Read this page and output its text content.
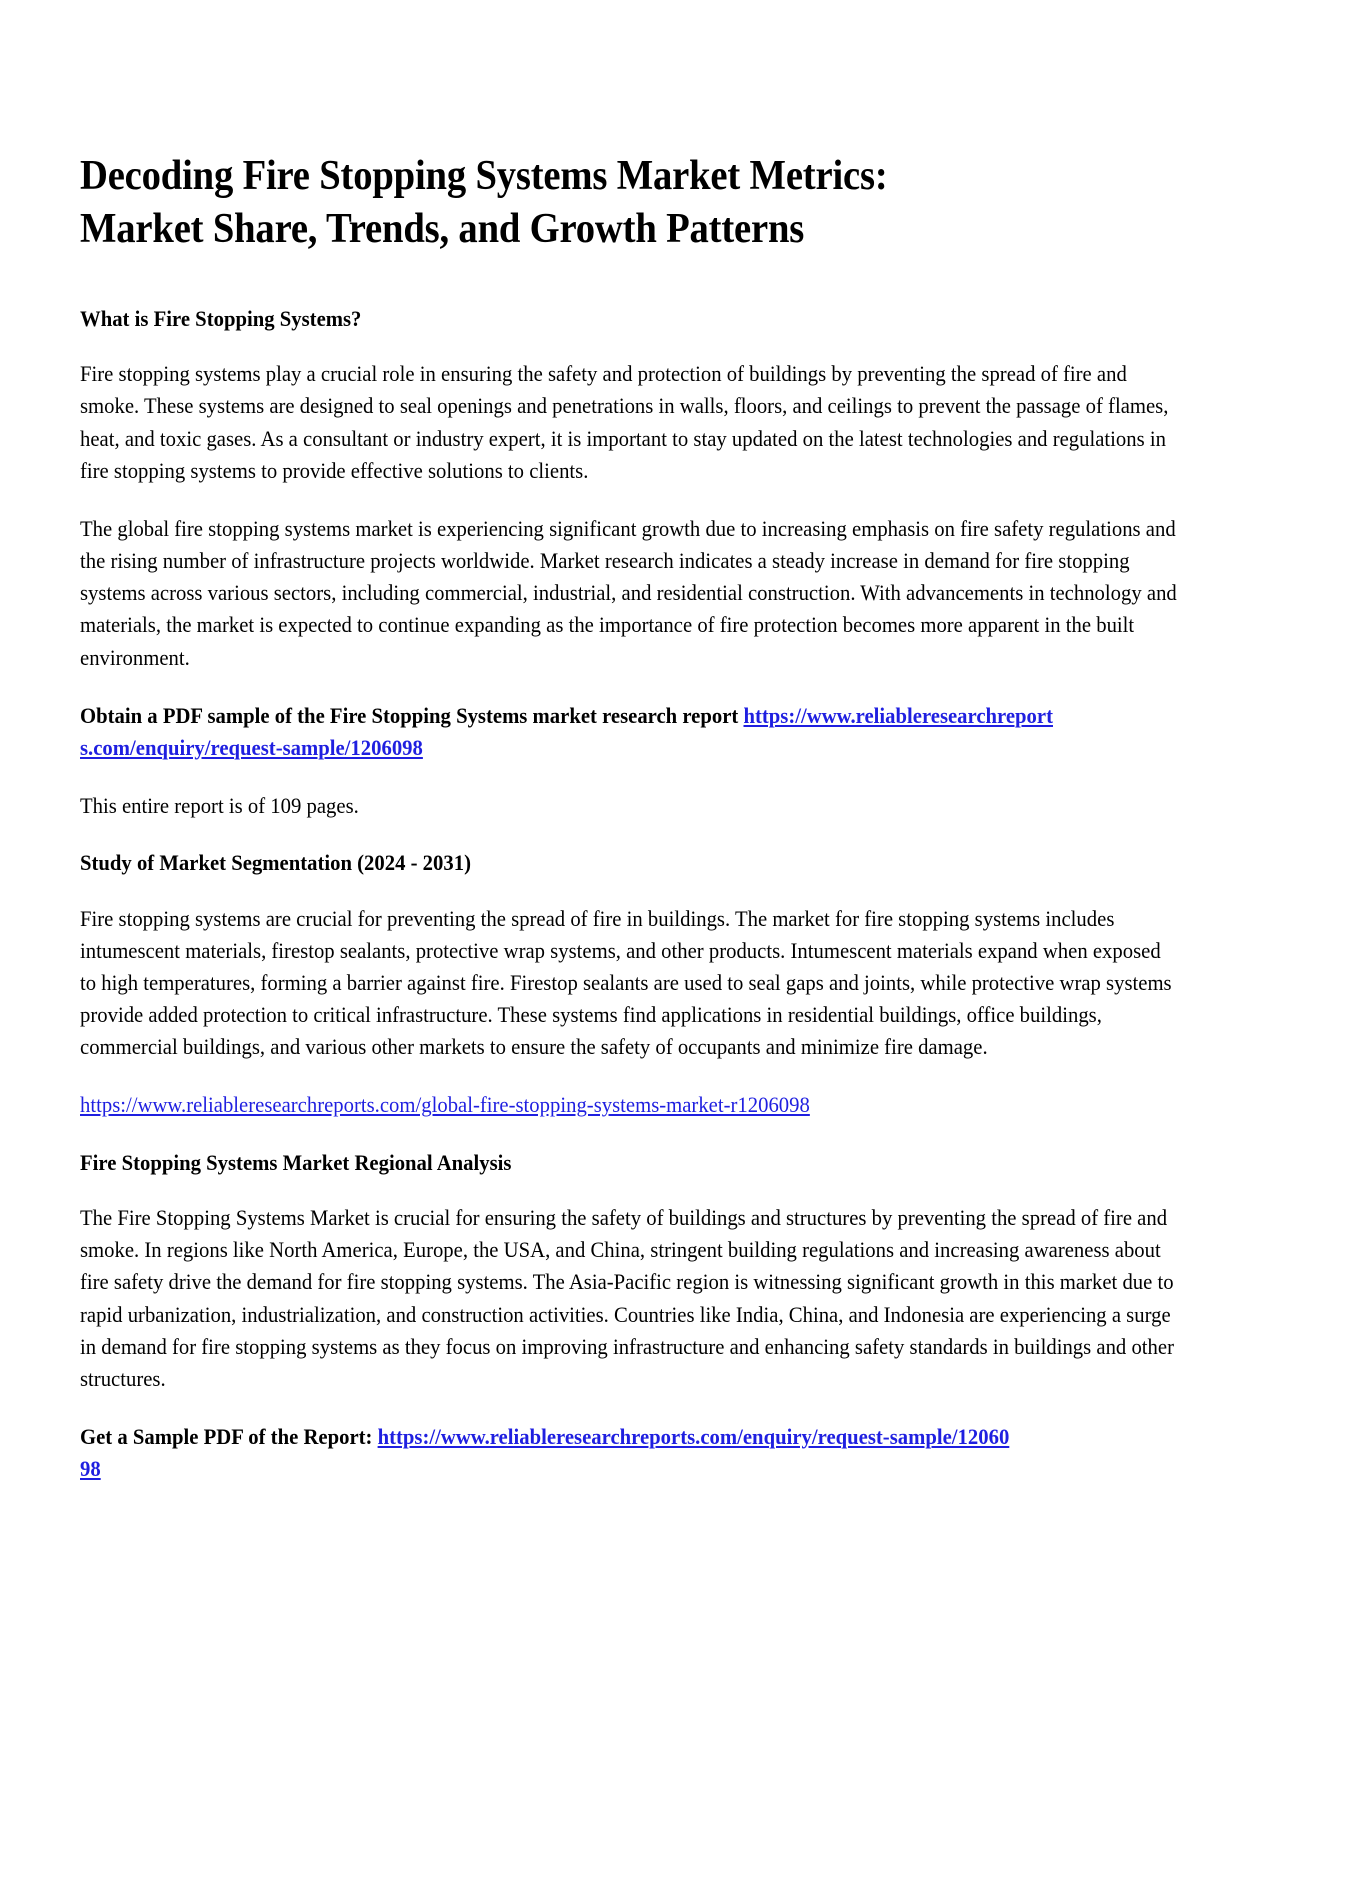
Decoding Fire Stopping Systems Market Metrics: Market Share, Trends, and Growth Patterns
What is Fire Stopping Systems?

Fire stopping systems play a crucial role in ensuring the safety and protection of buildings by preventing the spread of fire and smoke. These systems are designed to seal openings and penetrations in walls, floors, and ceilings to prevent the passage of flames, heat, and toxic gases. As a consultant or industry expert, it is important to stay updated on the latest technologies and regulations in fire stopping systems to provide effective solutions to clients.

The global fire stopping systems market is experiencing significant growth due to increasing emphasis on fire safety regulations and the rising number of infrastructure projects worldwide. Market research indicates a steady increase in demand for fire stopping systems across various sectors, including commercial, industrial, and residential construction. With advancements in technology and materials, the market is expected to continue expanding as the importance of fire protection becomes more apparent in the built environment.

Obtain a PDF sample of the Fire Stopping Systems market research report https://www.reliableresearchreports.com/enquiry/request-sample/1206098

This entire report is of 109 pages.

Study of Market Segmentation (2024 - 2031)

Fire stopping systems are crucial for preventing the spread of fire in buildings. The market for fire stopping systems includes intumescent materials, firestop sealants, protective wrap systems, and other products. Intumescent materials expand when exposed to high temperatures, forming a barrier against fire. Firestop sealants are used to seal gaps and joints, while protective wrap systems provide added protection to critical infrastructure. These systems find applications in residential buildings, office buildings, commercial buildings, and various other markets to ensure the safety of occupants and minimize fire damage.

https://www.reliableresearchreports.com/global-fire-stopping-systems-market-r1206098

Fire Stopping Systems Market Regional Analysis

The Fire Stopping Systems Market is crucial for ensuring the safety of buildings and structures by preventing the spread of fire and smoke. In regions like North America, Europe, the USA, and China, stringent building regulations and increasing awareness about fire safety drive the demand for fire stopping systems. The Asia-Pacific region is witnessing significant growth in this market due to rapid urbanization, industrialization, and construction activities. Countries like India, China, and Indonesia are experiencing a surge in demand for fire stopping systems as they focus on improving infrastructure and enhancing safety standards in buildings and other structures.

Get a Sample PDF of the Report: https://www.reliableresearchreports.com/enquiry/request-sample/1206098
